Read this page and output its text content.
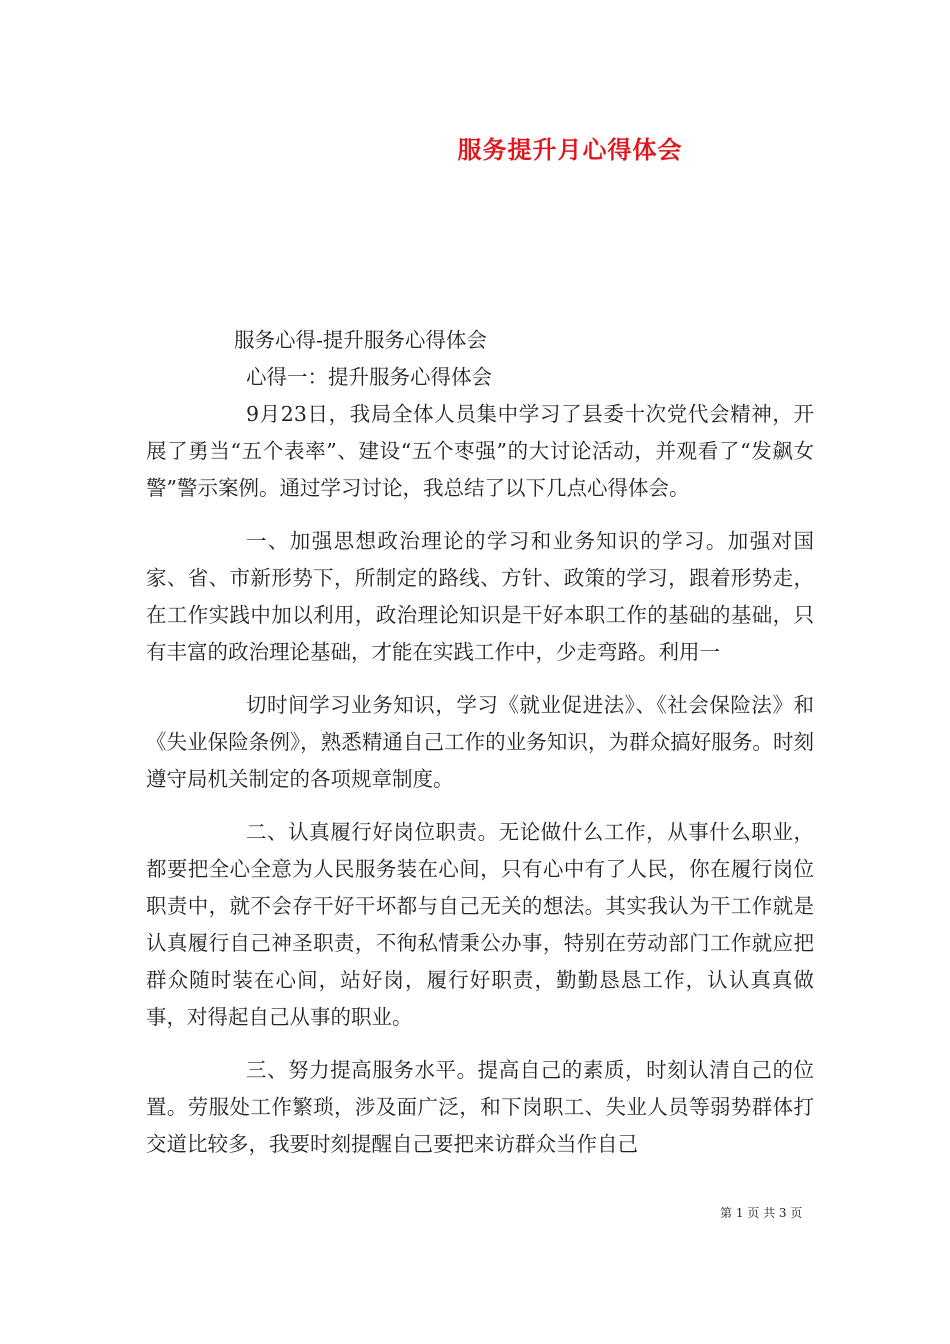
服务提升月心得体会

服务心得-提升服务心得体会

心得一：提升服务心得体会

9月23日，我局全体人员集中学习了县委十次党代会精神，开展了勇当“五个表率”、建设“五个枣强”的大讨论活动，并观看了“发飙女警”警示案例。通过学习讨论，我总结了以下几点心得体会。

一、加强思想政治理论的学习和业务知识的学习。加强对国家、省、市新形势下，所制定的路线、方针、政策的学习，跟着形势走，在工作实践中加以利用，政治理论知识是干好本职工作的基础的基础，只有丰富的政治理论基础，才能在实践工作中，少走弯路。利用一

切时间学习业务知识，学习《就业促进法》、《社会保险法》和《失业保险条例》，熟悉精通自己工作的业务知识，为群众搞好服务。时刻遵守局机关制定的各项规章制度。

二、认真履行好岗位职责。无论做什么工作，从事什么职业，都要把全心全意为人民服务装在心间，只有心中有了人民，你在履行岗位职责中，就不会存干好干坏都与自己无关的想法。其实我认为干工作就是认真履行自己神圣职责，不徇私情秉公办事，特别在劳动部门工作就应把群众随时装在心间，站好岗，履行好职责，勤勤恳恳工作，认认真真做事，对得起自己从事的职业。

三、努力提高服务水平。提高自己的素质，时刻认清自己的位置。劳服处工作繁琐，涉及面广泛，和下岗职工、失业人员等弱势群体打交道比较多，我要时刻提醒自己要把来访群众当作自己

第 1 页 共 3 页
